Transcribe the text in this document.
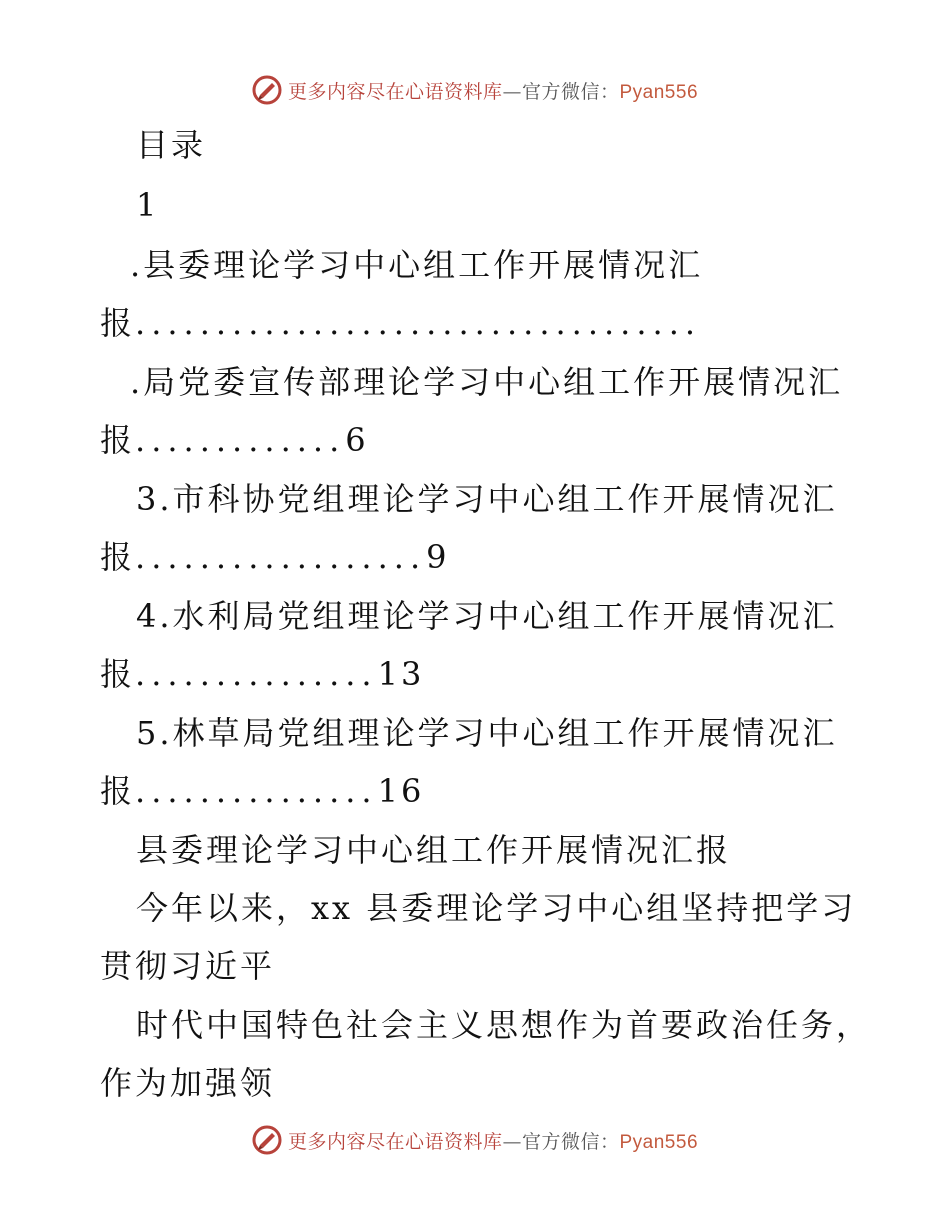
更多内容尽在心语资料库—官方微信：Pyan556
目录
1
.县委理论学习中心组工作开展情况汇
报...................................
.局党委宣传部理论学习中心组工作开展情况汇
报.............6
3.市科协党组理论学习中心组工作开展情况汇
报..................9
4.水利局党组理论学习中心组工作开展情况汇
报...............13
5.林草局党组理论学习中心组工作开展情况汇
报...............16
县委理论学习中心组工作开展情况汇报
今年以来，xx 县委理论学习中心组坚持把学习
贯彻习近平
时代中国特色社会主义思想作为首要政治任务，
作为加强领
更多内容尽在心语资料库—官方微信：Pyan556
